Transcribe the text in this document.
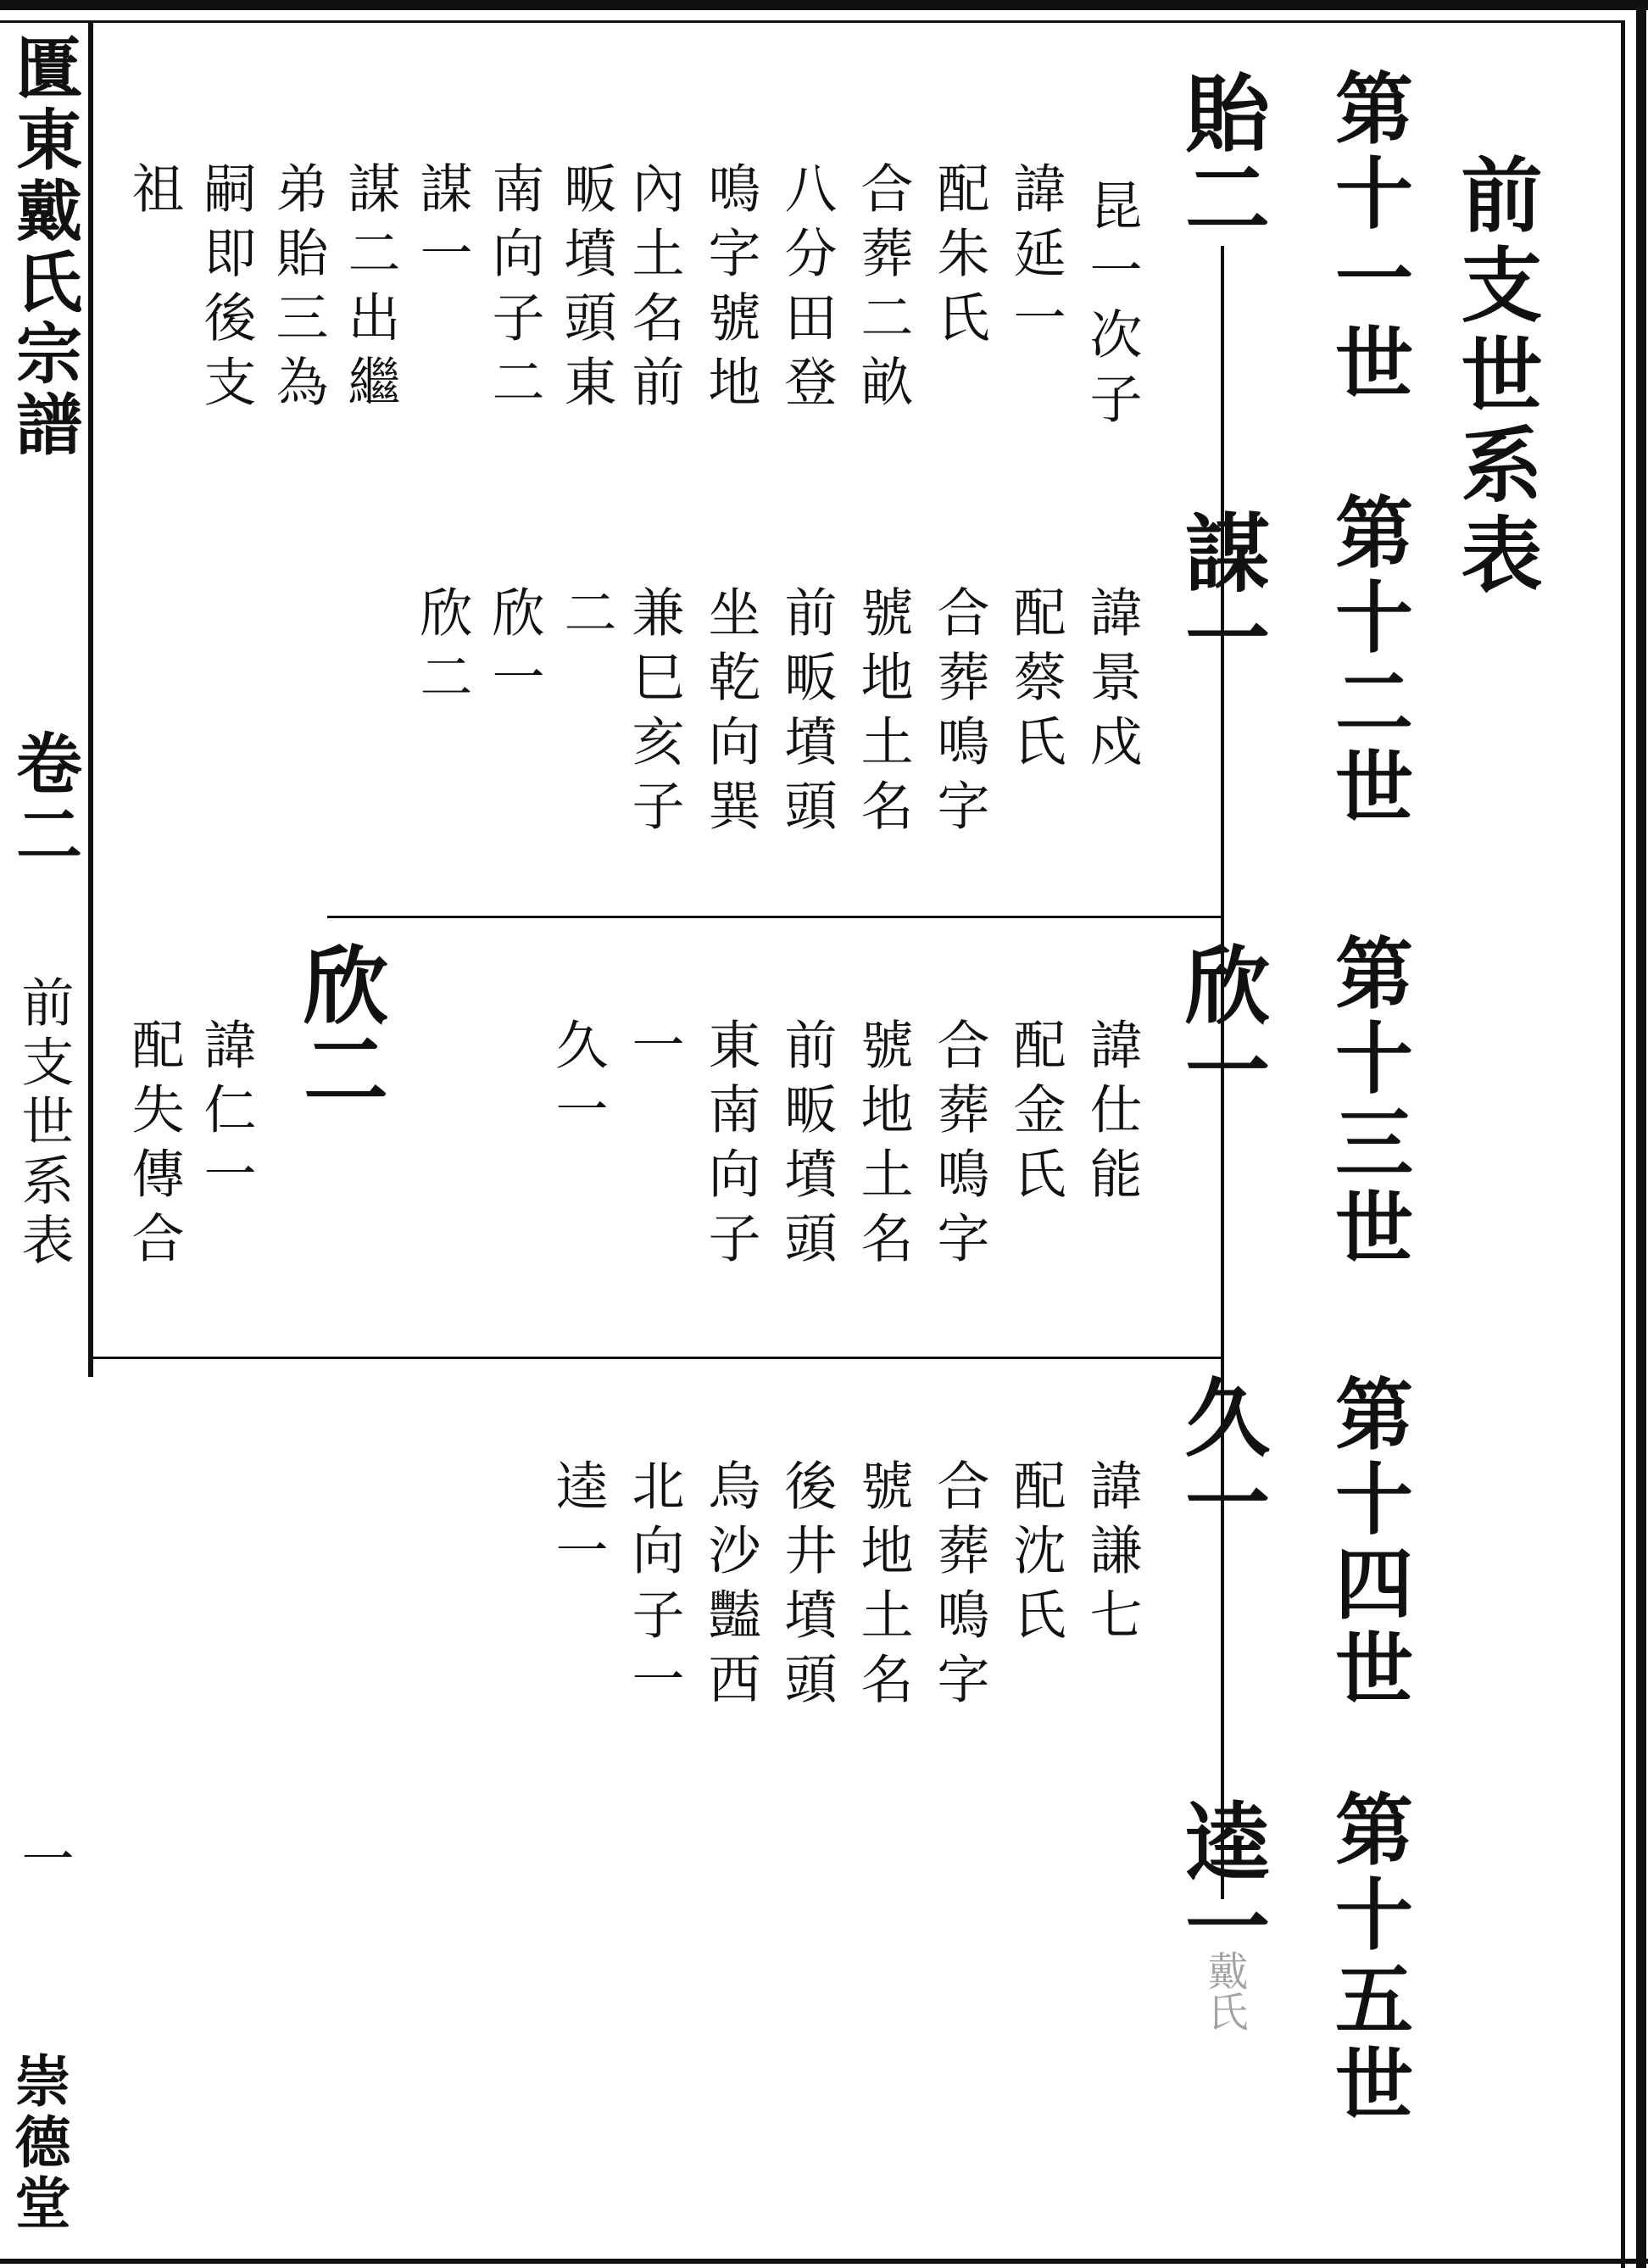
匱東戴氏宗譜
卷二
前支世系表
一
崇德堂
前支世系表
第十一世
第十二世
第十三世
第十四世
第十五世
貽二
謀一
欣一
久一
逵一
欣二
昆一次子
諱延一
配朱氏
合葬二畝
八分田登
鳴字號地
內土名前
畈墳頭東
南向子二
謀一
謀二出繼
弟貽三為
嗣即後支
祖
諱景戍
配蔡氏
合葬鳴字
號地土名
前畈墳頭
坐乾向巽
兼巳亥子
二
欣一
欣二
諱仕能
配金氏
合葬鳴字
號地土名
前畈墳頭
東南向子
一
久一
諱仁一
配失傳合
諱謙七
配沈氏
合葬鳴字
號地土名
後井墳頭
烏沙豔西
北向子一
逵一
戴氏
